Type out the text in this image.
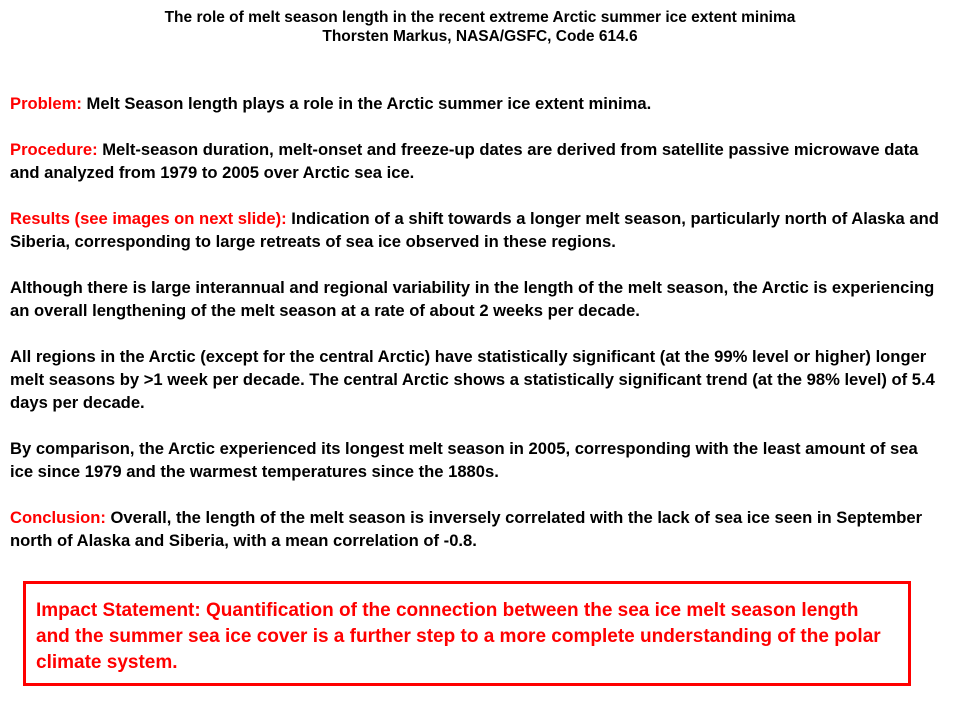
The role of melt season length in the recent extreme Arctic summer ice extent minima
Thorsten Markus, NASA/GSFC, Code 614.6

Problem: Melt Season length plays a role in the Arctic summer ice extent minima.

Procedure: Melt-season duration, melt-onset and freeze-up dates are derived from satellite passive microwave data and analyzed from 1979 to 2005 over Arctic sea ice.

Results (see images on next slide): Indication of a shift towards a longer melt season, particularly north of Alaska and Siberia, corresponding to large retreats of sea ice observed in these regions.

Although there is large interannual and regional variability in the length of the melt season, the Arctic is experiencing an overall lengthening of the melt season at a rate of about 2 weeks per decade.

All regions in the Arctic (except for the central Arctic) have statistically significant (at the 99% level or higher) longer melt seasons by >1 week per decade. The central Arctic shows a statistically significant trend (at the 98% level) of 5.4 days per decade.

By comparison, the Arctic experienced its longest melt season in 2005, corresponding with the least amount of sea ice since 1979 and the warmest temperatures since the 1880s.

Conclusion: Overall, the length of the melt season is inversely correlated with the lack of sea ice seen in September north of Alaska and Siberia, with a mean correlation of -0.8.

Impact Statement: Quantification of the connection between the sea ice melt season length and the summer sea ice cover is a further step to a more complete understanding of the polar climate system.
